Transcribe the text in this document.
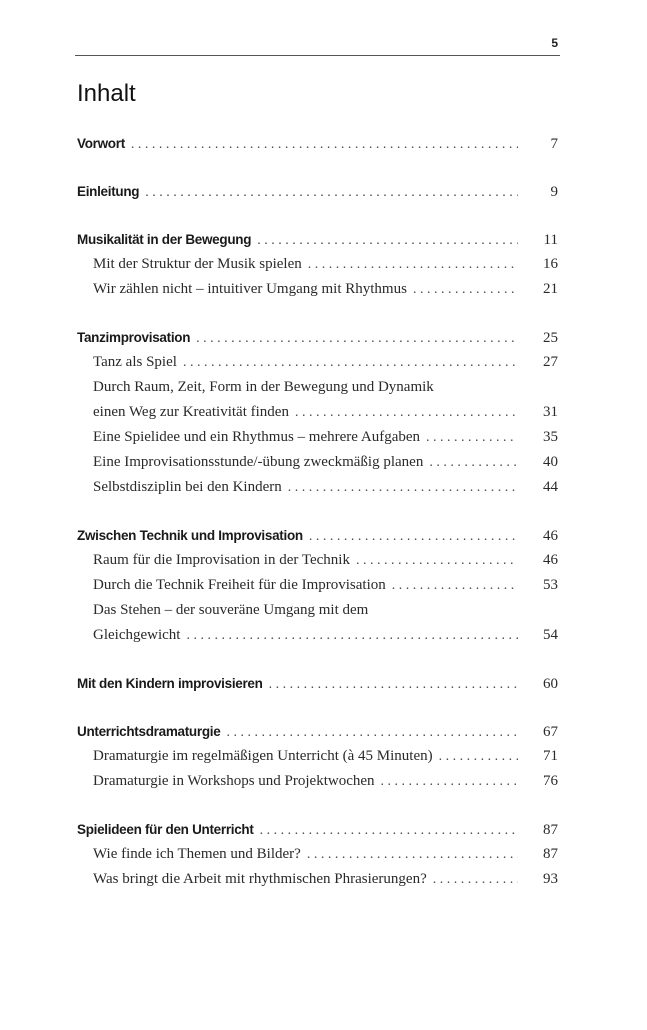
5
Inhalt
Vorwort . . .	7
Einleitung . . .	9
Musikalität in der Bewegung . . .	11
Mit der Struktur der Musik spielen . . .	16
Wir zählen nicht – intuitiver Umgang mit Rhythmus . . .	21
Tanzimprovisation . . .	25
Tanz als Spiel . . .	27
Durch Raum, Zeit, Form in der Bewegung und Dynamik
einen Weg zur Kreativität finden . . .	31
Eine Spielidee und ein Rhythmus – mehrere Aufgaben . . .	35
Eine Improvisationsstunde/-übung zweckmäßig planen . . .	40
Selbstdisziplin bei den Kindern . . .	44
Zwischen Technik und Improvisation . . .	46
Raum für die Improvisation in der Technik . . .	46
Durch die Technik Freiheit für die Improvisation . . .	53
Das Stehen – der souveräne Umgang mit dem
Gleichgewicht . . .	54
Mit den Kindern improvisieren . . .	60
Unterrichtsdramaturgie . . .	67
Dramaturgie im regelmäßigen Unterricht (à 45 Minuten) . . .	71
Dramaturgie in Workshops und Projektwochen . . .	76
Spielideen für den Unterricht . . .	87
Wie finde ich Themen und Bilder? . . .	87
Was bringt die Arbeit mit rhythmischen Phrasierungen? . . .	93
